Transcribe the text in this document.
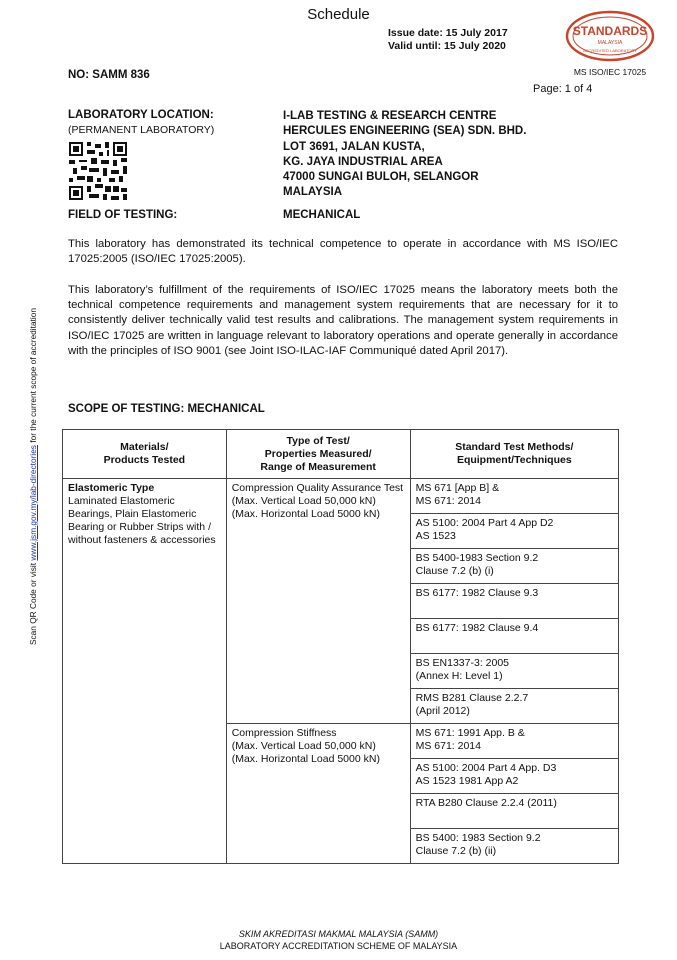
Schedule
Issue date: 15 July 2017
Valid until: 15 July 2020
STANDARDS
MALAYSIA
ACCREDITED LABORATORY
MS ISO/IEC 17025
NO: SAMM 836
Page: 1 of 4
LABORATORY LOCATION:
(PERMANENT LABORATORY)
I-LAB TESTING & RESEARCH CENTRE
HERCULES ENGINEERING (SEA) SDN. BHD.
LOT 3691, JALAN KUSTA,
KG. JAYA INDUSTRIAL AREA
47000 SUNGAI BULOH, SELANGOR
MALAYSIA
FIELD OF TESTING:	MECHANICAL
This laboratory has demonstrated its technical competence to operate in accordance with MS ISO/IEC 17025:2005 (ISO/IEC 17025:2005).
This laboratory’s fulfillment of the requirements of ISO/IEC 17025 means the laboratory meets both the technical competence requirements and management system requirements that are necessary for it to consistently deliver technically valid test results and calibrations. The management system requirements in ISO/IEC 17025 are written in language relevant to laboratory operations and operate generally in accordance with the principles of ISO 9001 (see Joint ISO-ILAC-IAF Communiqué dated April 2017).
SCOPE OF TESTING: MECHANICAL
Materials/
Products Tested	Type of Test/
Properties Measured/
Range of Measurement	Standard Test Methods/
Equipment/Techniques

Elastomeric Type
Laminated Elastomeric Bearings, Plain Elastomeric Bearing or Rubber Strips with / without fasteners & accessories	Compression Quality Assurance Test
(Max. Vertical Load 50,000 kN)
(Max. Horizontal Load 5000 kN)	MS 671 [App B] &
MS 671: 2014
		AS 5100: 2004 Part 4 App D2
AS 1523
		BS 5400-1983 Section 9.2
Clause 7.2 (b) (i)
		BS 6177: 1982 Clause 9.3
		BS 6177: 1982 Clause 9.4
		BS EN1337-3: 2005
(Annex H: Level 1)
		RMS B281 Clause 2.2.7
(April 2012)
	Compression Stiffness
(Max. Vertical Load 50,000 kN)
(Max. Horizontal Load 5000 kN)	MS 671: 1991 App. B &
MS 671: 2014
		AS 5100: 2004 Part 4 App. D3
AS 1523 1981 App A2
		RTA B280 Clause 2.2.4 (2011)
		BS 5400: 1983 Section 9.2
Clause 7.2 (b) (ii)
Scan QR Code or visit www.jsm.gov.my/lab-directories for the current scope of accreditation
SKIM AKREDITASI MAKMAL MALAYSIA (SAMM)
LABORATORY ACCREDITATION SCHEME OF MALAYSIA
